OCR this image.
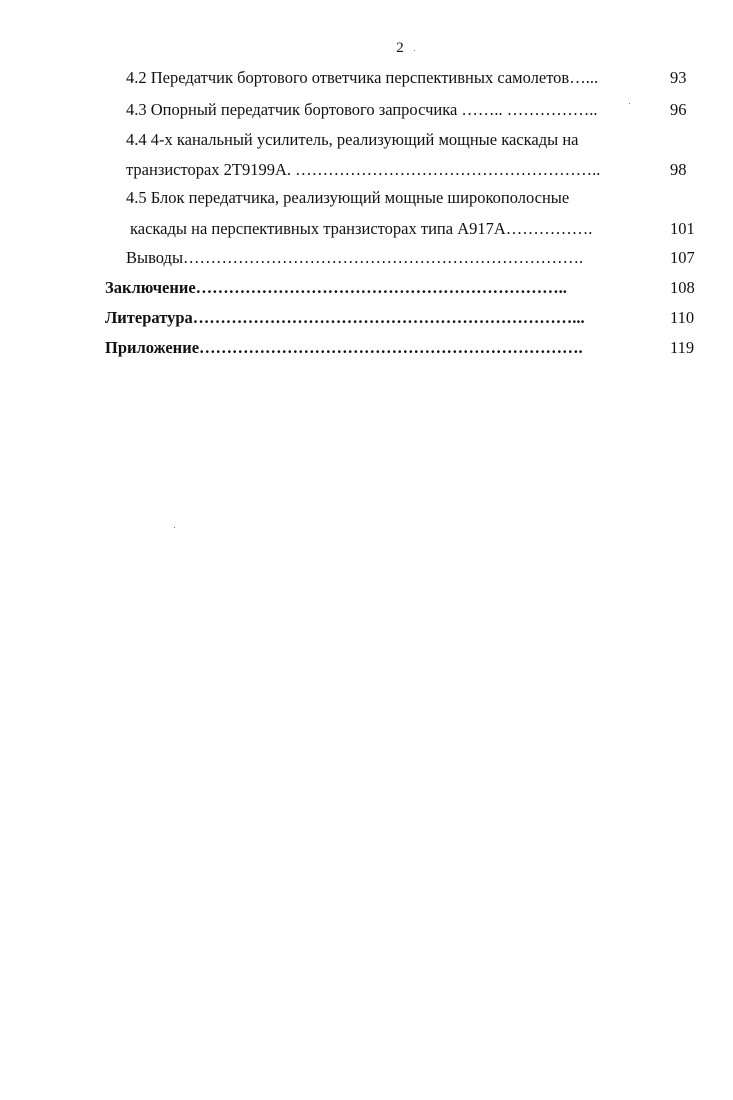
2
4.2 Передатчик бортового ответчика перспективных самолетов…...	93
4.3 Опорный передатчик бортового запросчика …….. ……………..	96
4.4 4-х канальный усилитель, реализующий мощные каскады на
транзисторах 2Т9199А. ………………………………………………..	98
4.5 Блок передатчика, реализующий мощные широкополосные
каскады на перспективных транзисторах типа А917А…………….	101
Выводы……………………………………………………………….	107
Заключение…………………………………………………………..	108
Литература……………………………………………………………...	110
Приложение…………………………………………………………….	119
